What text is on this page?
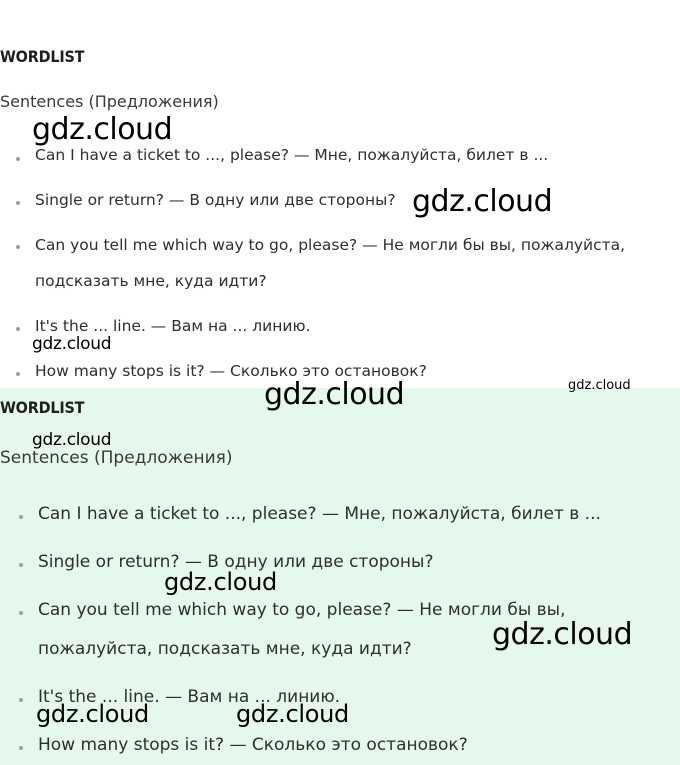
WORDLIST
Sentences (Предложения)
Can I have a ticket to ..., please? — Мне, пожалуйста, билет в ...
Single or return? — В одну или две стороны?
Can you tell me which way to go, please? — Не могли бы вы, пожалуйста,
подсказать мне, куда идти?
It's the ... line. — Вам на ... линию.
How many stops is it? — Сколько это остановок?
WORDLIST
Sentences (Предложения)
Can I have a ticket to ..., please? — Мне, пожалуйста, билет в ...
Single or return? — В одну или две стороны?
Can you tell me which way to go, please? — Не могли бы вы,
пожалуйста, подсказать мне, куда идти?
It's the ... line. — Вам на ... линию.
How many stops is it? — Сколько это остановок?
gdz.cloud
gdz.cloud
gdz.cloud
gdz.cloud
gdz.cloud
gdz.cloud
gdz.cloud
gdz.cloud
gdz.cloud	gdz.cloud
